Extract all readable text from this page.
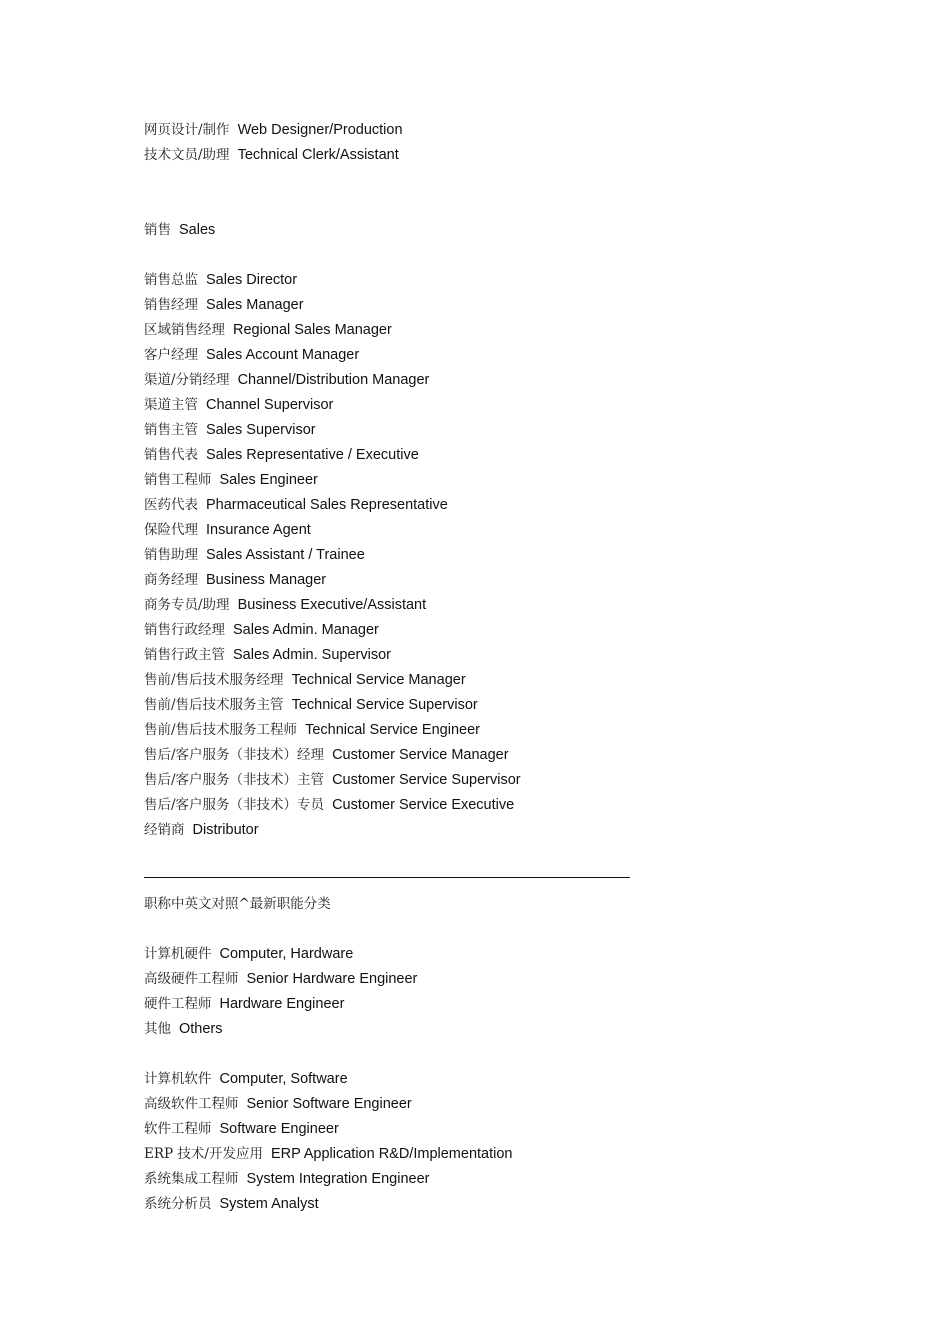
网页设计/制作 Web Designer/Production
技术文员/助理 Technical Clerk/Assistant
销售 Sales
销售总监 Sales Director
销售经理 Sales Manager
区域销售经理 Regional Sales Manager
客户经理 Sales Account Manager
渠道/分销经理 Channel/Distribution Manager
渠道主管 Channel Supervisor
销售主管 Sales Supervisor
销售代表 Sales Representative / Executive
销售工程师 Sales Engineer
医药代表 Pharmaceutical Sales Representative
保险代理 Insurance Agent
销售助理 Sales Assistant / Trainee
商务经理 Business Manager
商务专员/助理 Business Executive/Assistant
销售行政经理 Sales Admin. Manager
销售行政主管 Sales Admin. Supervisor
售前/售后技术服务经理 Technical Service Manager
售前/售后技术服务主管 Technical Service Supervisor
售前/售后技术服务工程师 Technical Service Engineer
售后/客户服务（非技术）经理 Customer Service Manager
售后/客户服务（非技术）主管 Customer Service Supervisor
售后/客户服务（非技术）专员 Customer Service Executive
经销商 Distributor
职称中英文对照^最新职能分类
计算机硬件 Computer, Hardware
高级硬件工程师 Senior Hardware Engineer
硬件工程师 Hardware Engineer
其他 Others
计算机软件 Computer, Software
高级软件工程师 Senior Software Engineer
软件工程师 Software Engineer
ERP 技术/开发应用 ERP Application R&D/Implementation
系统集成工程师 System Integration Engineer
系统分析员 System Analyst
